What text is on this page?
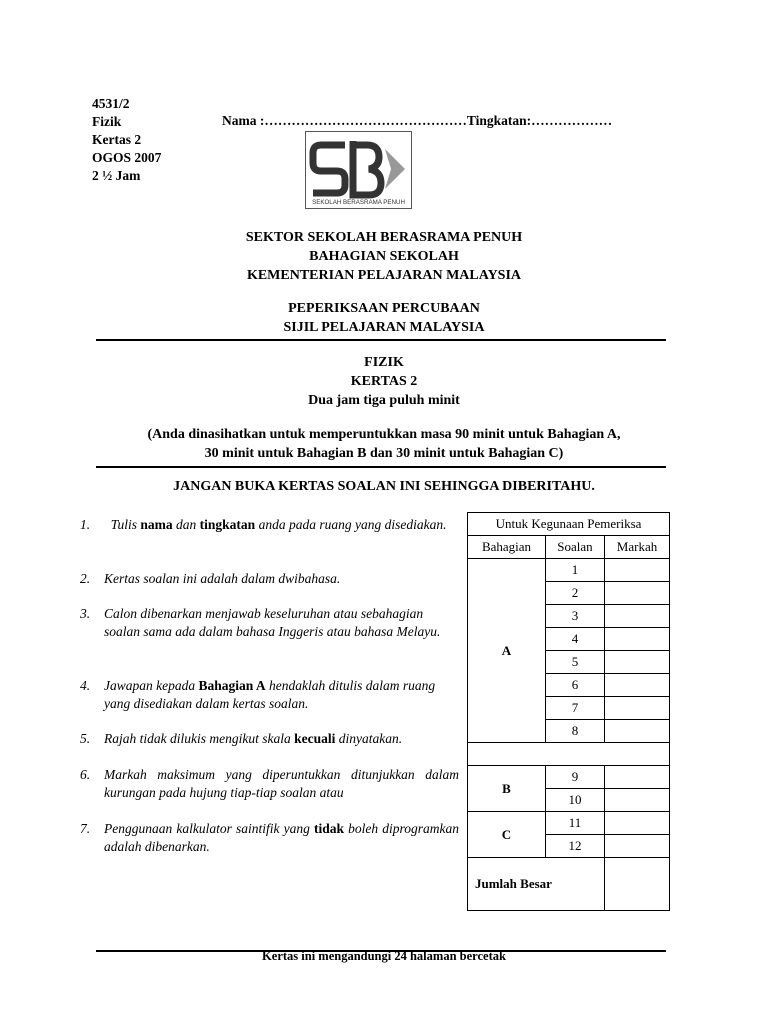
4531/2
Fizik
Kertas 2
OGOS 2007
2 ½ Jam
Nama :………………………………………Tingkatan:………………
SEKOLAH BERASRAMA PENUH
SEKTOR SEKOLAH BERASRAMA PENUH
BAHAGIAN SEKOLAH
KEMENTERIAN PELAJARAN MALAYSIA
PEPERIKSAAN PERCUBAAN
SIJIL PELAJARAN MALAYSIA
FIZIK
KERTAS 2
Dua jam tiga puluh minit
(Anda dinasihatkan untuk memperuntukkan masa 90 minit untuk Bahagian A,
30 minit untuk Bahagian B dan 30 minit untuk Bahagian C)
JANGAN BUKA KERTAS SOALAN INI SEHINGGA DIBERITAHU.
1.	Tulis nama dan tingkatan anda pada ruang yang disediakan.
2. Kertas soalan ini adalah dalam dwibahasa.
3. Calon dibenarkan menjawab keseluruhan atau sebahagian soalan sama ada dalam bahasa Inggeris atau bahasa Melayu.
4. Jawapan kepada Bahagian A hendaklah ditulis dalam ruang yang disediakan dalam kertas soalan.
5. Rajah tidak dilukis mengikut skala kecuali dinyatakan.
6. Markah maksimum yang diperuntukkan ditunjukkan dalam kurungan pada hujung tiap-tiap soalan atau
7. Penggunaan kalkulator saintifik yang tidak boleh diprogramkan adalah dibenarkan.
Untuk Kegunaan Pemeriksa		
Bahagian	Soalan	Markah
A	1	
	2	
	3	
	4	
	5	
	6	
	7	
	8	

B	9	
	10	
C	11	
	12	
Jumlah Besar		
Kertas ini mengandungi 24 halaman bercetak
